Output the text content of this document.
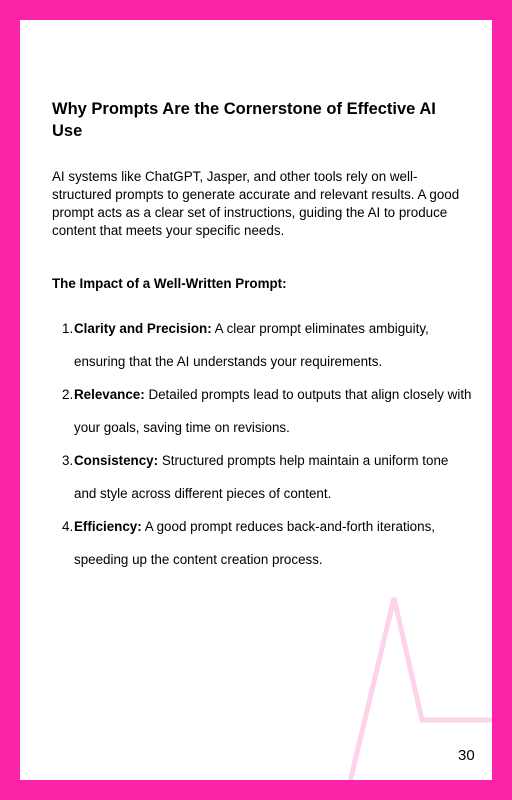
Why Prompts Are the Cornerstone of Effective AI Use

AI systems like ChatGPT, Jasper, and other tools rely on well-structured prompts to generate accurate and relevant results. A good prompt acts as a clear set of instructions, guiding the AI to produce content that meets your specific needs.

The Impact of a Well-Written Prompt:

1. Clarity and Precision: A clear prompt eliminates ambiguity, ensuring that the AI understands your requirements.
2. Relevance: Detailed prompts lead to outputs that align closely with your goals, saving time on revisions.
3. Consistency: Structured prompts help maintain a uniform tone and style across different pieces of content.
4. Efficiency: A good prompt reduces back-and-forth iterations, speeding up the content creation process.
30
